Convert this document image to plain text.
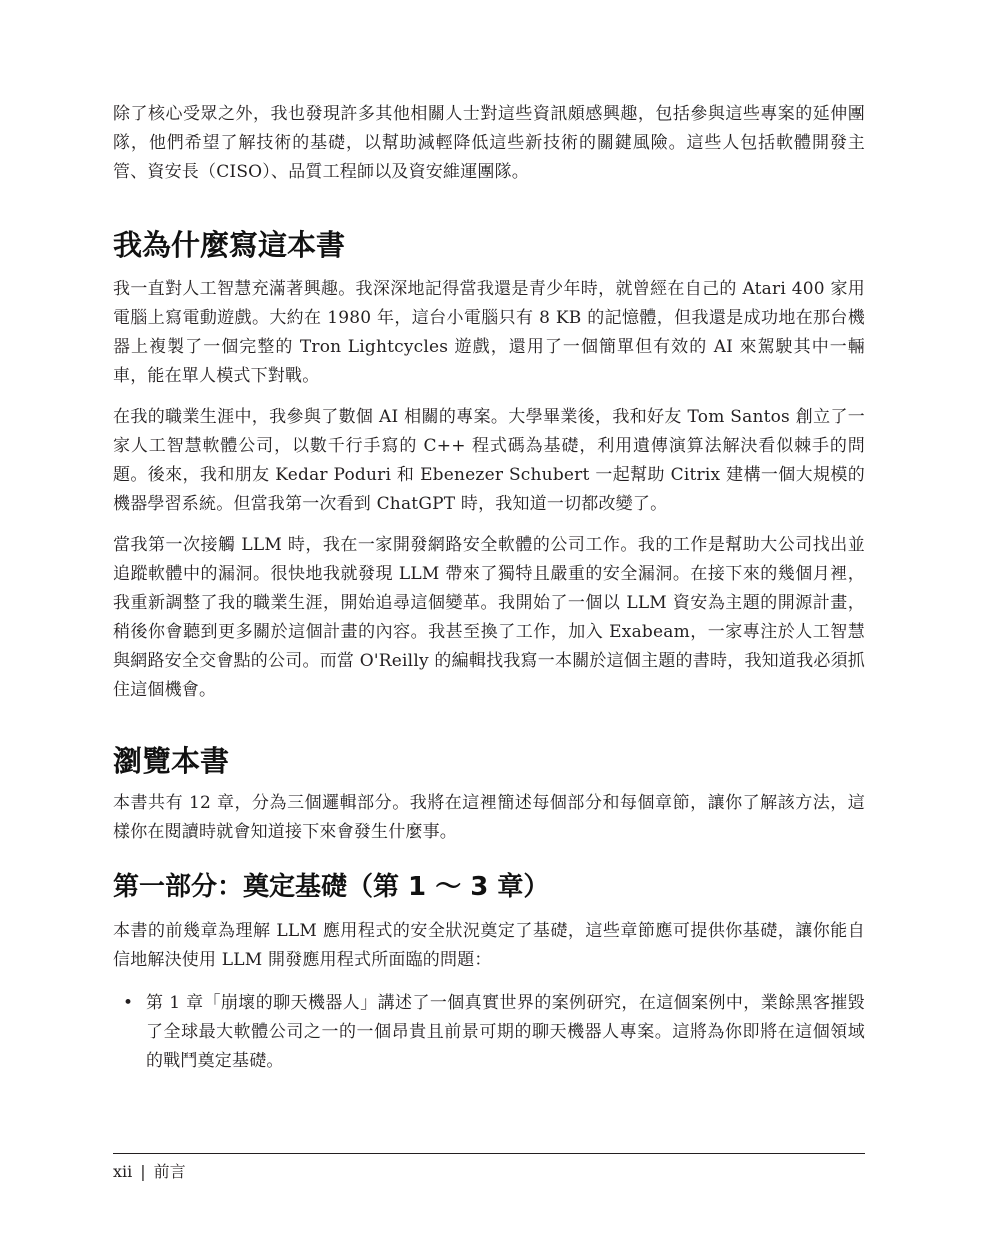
除了核心受眾之外，我也發現許多其他相關人士對這些資訊頗感興趣，包括參與這些專案的延伸團隊，他們希望了解技術的基礎，以幫助減輕降低這些新技術的關鍵風險。這些人包括軟體開發主管、資安長（CISO）、品質工程師以及資安維運團隊。

我為什麼寫這本書

我一直對人工智慧充滿著興趣。我深深地記得當我還是青少年時，就曾經在自己的 Atari 400 家用電腦上寫電動遊戲。大約在 1980 年，這台小電腦只有 8 KB 的記憶體，但我還是成功地在那台機器上複製了一個完整的 Tron Lightcycles 遊戲，還用了一個簡單但有效的 AI 來駕駛其中一輛車，能在單人模式下對戰。

在我的職業生涯中，我參與了數個 AI 相關的專案。大學畢業後，我和好友 Tom Santos 創立了一家人工智慧軟體公司，以數千行手寫的 C++ 程式碼為基礎，利用遺傳演算法解決看似棘手的問題。後來，我和朋友 Kedar Poduri 和 Ebenezer Schubert 一起幫助 Citrix 建構一個大規模的機器學習系統。但當我第一次看到 ChatGPT 時，我知道一切都改變了。

當我第一次接觸 LLM 時，我在一家開發網路安全軟體的公司工作。我的工作是幫助大公司找出並追蹤軟體中的漏洞。很快地我就發現 LLM 帶來了獨特且嚴重的安全漏洞。在接下來的幾個月裡，我重新調整了我的職業生涯，開始追尋這個變革。我開始了一個以 LLM 資安為主題的開源計畫，稍後你會聽到更多關於這個計畫的內容。我甚至換了工作，加入 Exabeam，一家專注於人工智慧與網路安全交會點的公司。而當 O'Reilly 的編輯找我寫一本關於這個主題的書時，我知道我必須抓住這個機會。

瀏覽本書

本書共有 12 章，分為三個邏輯部分。我將在這裡簡述每個部分和每個章節，讓你了解該方法，這樣你在閱讀時就會知道接下來會發生什麼事。

第一部分：奠定基礎（第 1 ～ 3 章）

本書的前幾章為理解 LLM 應用程式的安全狀況奠定了基礎，這些章節應可提供你基礎，讓你能自信地解決使用 LLM 開發應用程式所面臨的問題：

• 第 1 章「崩壞的聊天機器人」講述了一個真實世界的案例研究，在這個案例中，業餘黑客摧毀了全球最大軟體公司之一的一個昂貴且前景可期的聊天機器人專案。這將為你即將在這個領域的戰鬥奠定基礎。
xii | 前言
